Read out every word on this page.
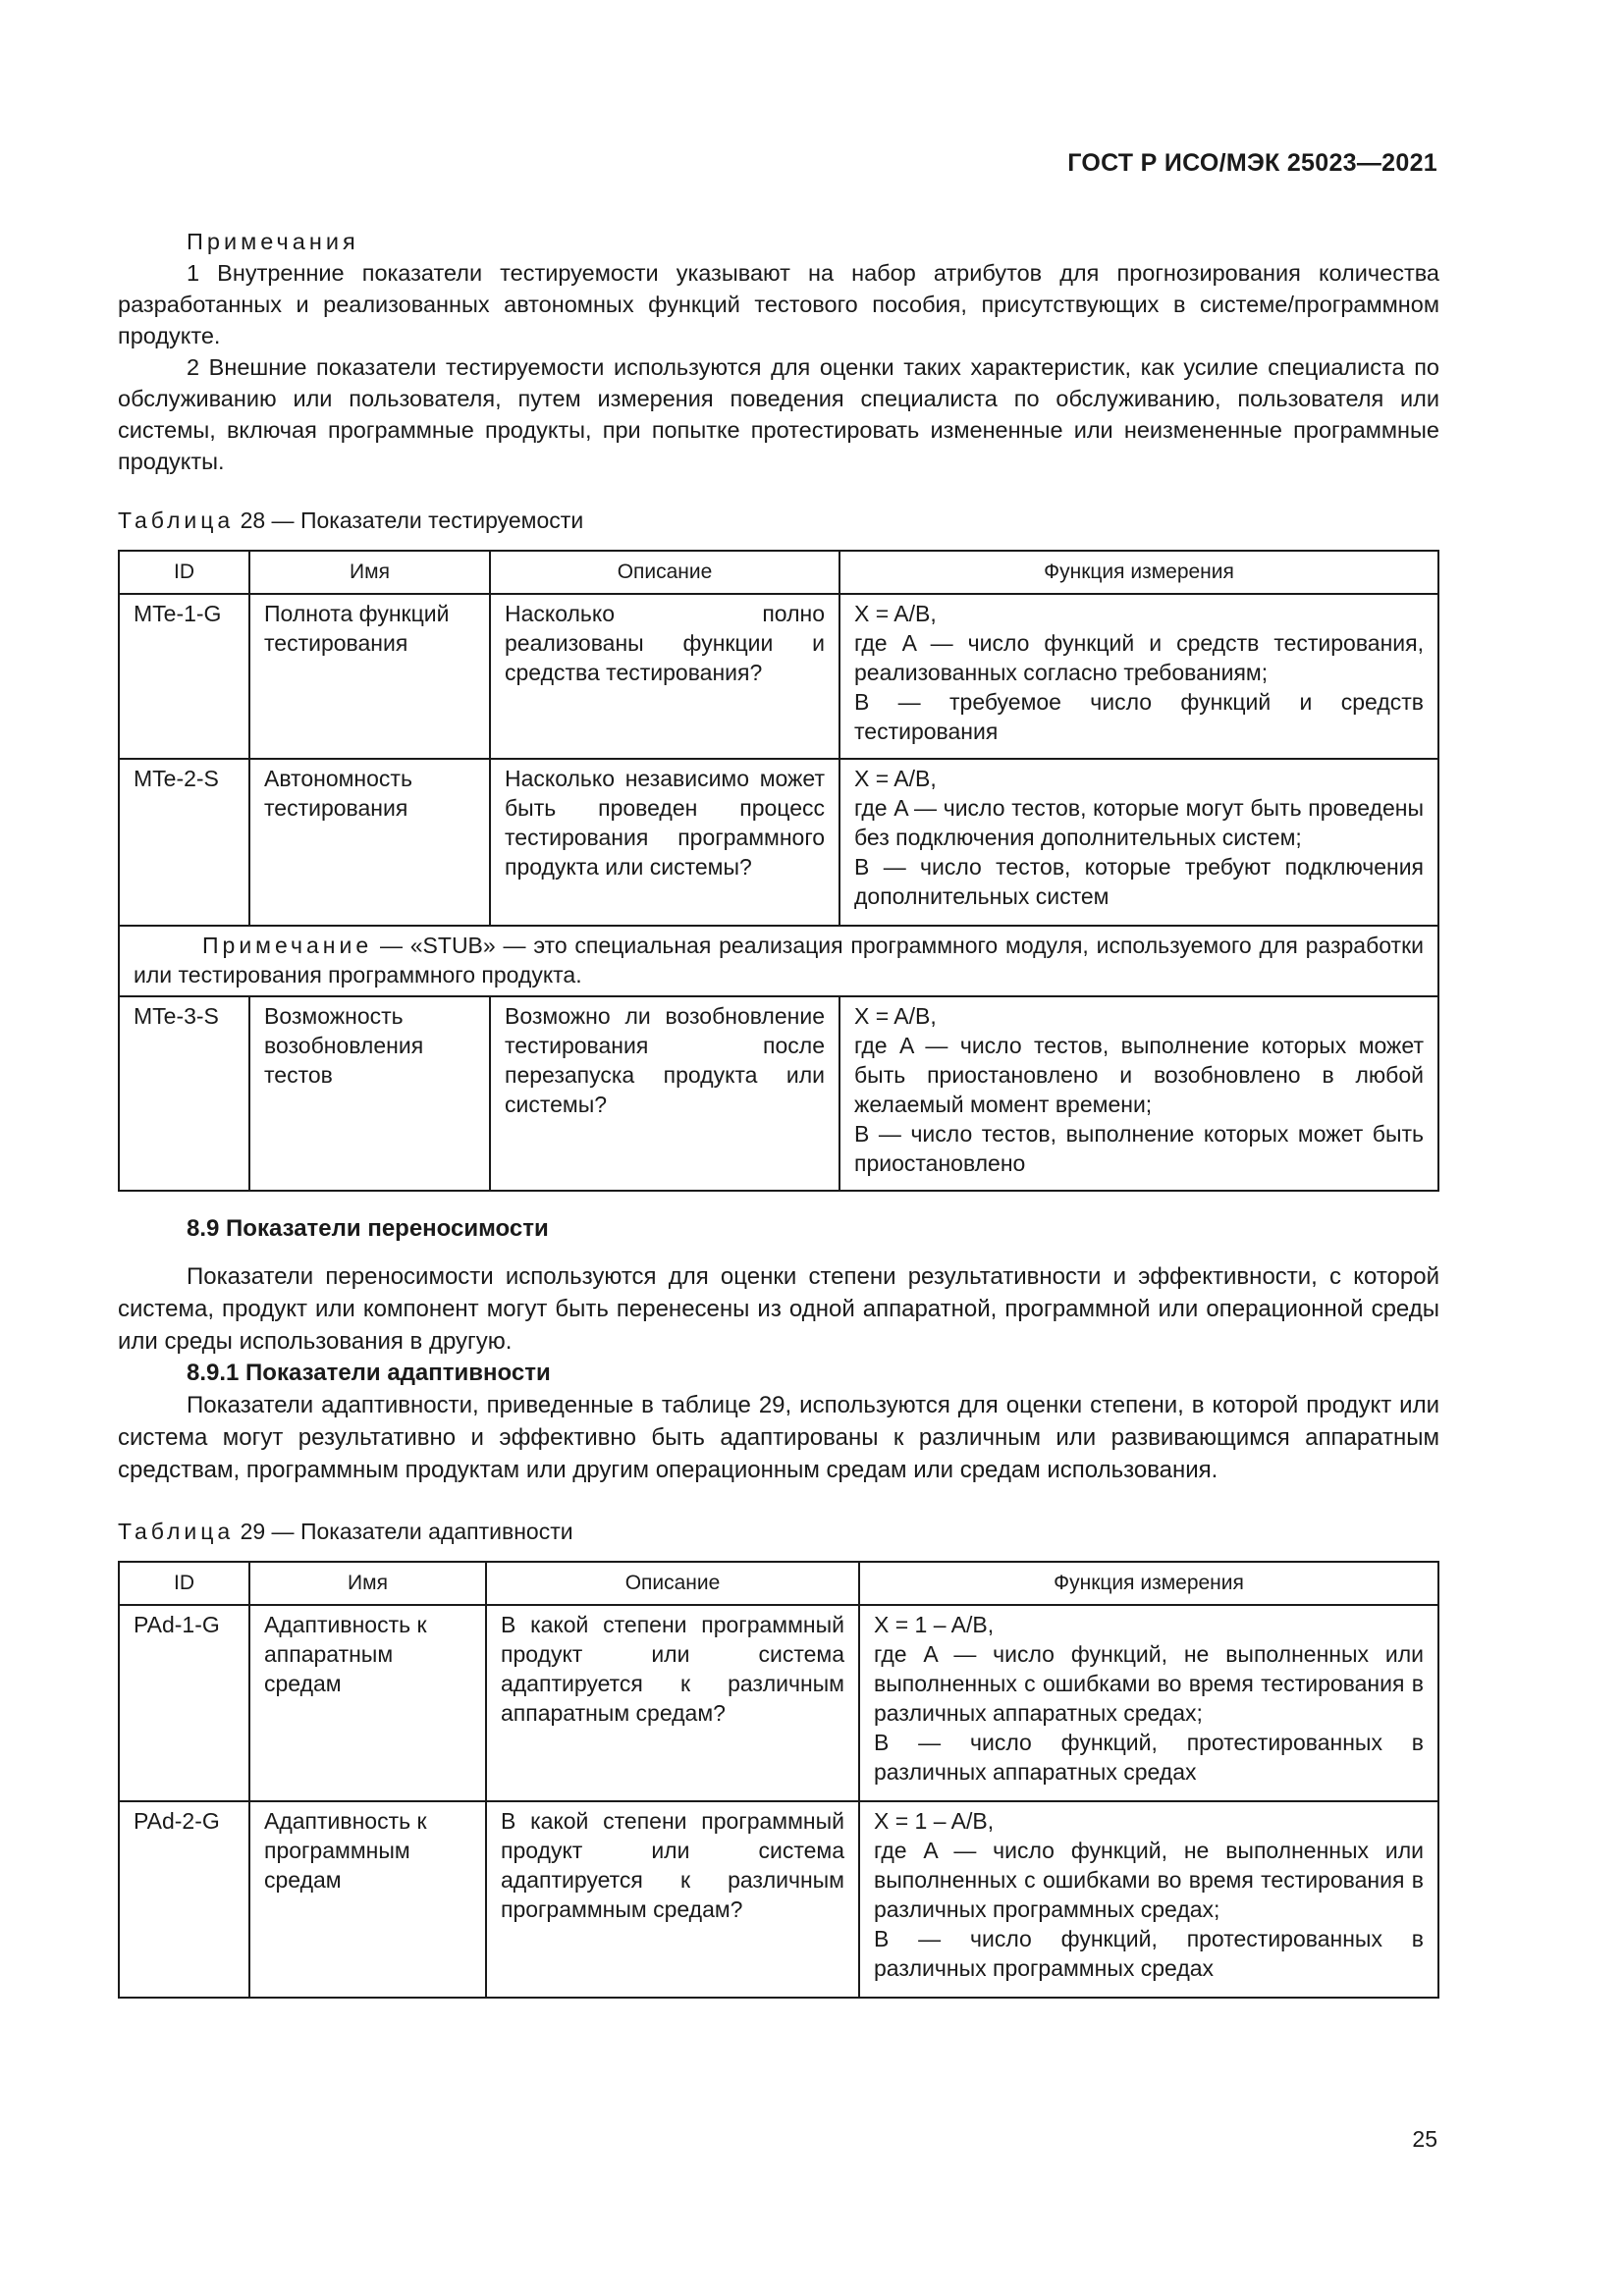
ГОСТ Р ИСО/МЭК 25023—2021
Примечания

1 Внутренние показатели тестируемости указывают на набор атрибутов для прогнозирования количества разработанных и реализованных автономных функций тестового пособия, присутствующих в системе/программном продукте.

2 Внешние показатели тестируемости используются для оценки таких характеристик, как усилие специалиста по обслуживанию или пользователя, путем измерения поведения специалиста по обслуживанию, пользователя или системы, включая программные продукты, при попытке протестировать измененные или неизмененные программные продукты.

Таблица 28 — Показатели тестируемости
ID	Имя	Описание	Функция измерения
MTe-1-G	Полнота функций тестирования	Насколько полно реализованы функции и средства тестирования?	X = A/B,
где A — число функций и средств тестирования, реализованных согласно требованиям;
B — требуемое число функций и средств тестирования
MTe-2-S	Автономность тестирования	Насколько независимо может быть проведен процесс тестирования программного продукта или системы?	X = A/B,
где A — число тестов, которые могут быть проведены без подключения дополнительных систем;
B — число тестов, которые требуют подключения дополнительных систем
Примечание — «STUB» — это специальная реализация программного модуля, используемого для разработки или тестирования программного продукта.			
MTe-3-S	Возможность возобновления тестов	Возможно ли возобновление тестирования после перезапуска продукта или системы?	X = A/B,
где A — число тестов, выполнение которых может быть приостановлено и возобновлено в любой желаемый момент времени;
B — число тестов, выполнение которых может быть приостановлено
8.9 Показатели переносимости

Показатели переносимости используются для оценки степени результативности и эффективности, с которой система, продукт или компонент могут быть перенесены из одной аппаратной, программной или операционной среды или среды использования в другую.

8.9.1 Показатели адаптивности

Показатели адаптивности, приведенные в таблице 29, используются для оценки степени, в которой продукт или система могут результативно и эффективно быть адаптированы к различным или развивающимся аппаратным средствам, программным продуктам или другим операционным средам или средам использования.

Таблица 29 — Показатели адаптивности
ID	Имя	Описание	Функция измерения
PAd-1-G	Адаптивность к аппаратным средам	В какой степени программный продукт или система адаптируется к различным аппаратным средам?	X = 1 – A/B,
где A — число функций, не выполненных или выполненных с ошибками во время тестирования в различных аппаратных средах;
B — число функций, протестированных в различных аппаратных средах
PAd-2-G	Адаптивность к программным средам	В какой степени программный продукт или система адаптируется к различным программным средам?	X = 1 – A/B,
где A — число функций, не выполненных или выполненных с ошибками во время тестирования в различных программных средах;
B — число функций, протестированных в различных программных средах
25
